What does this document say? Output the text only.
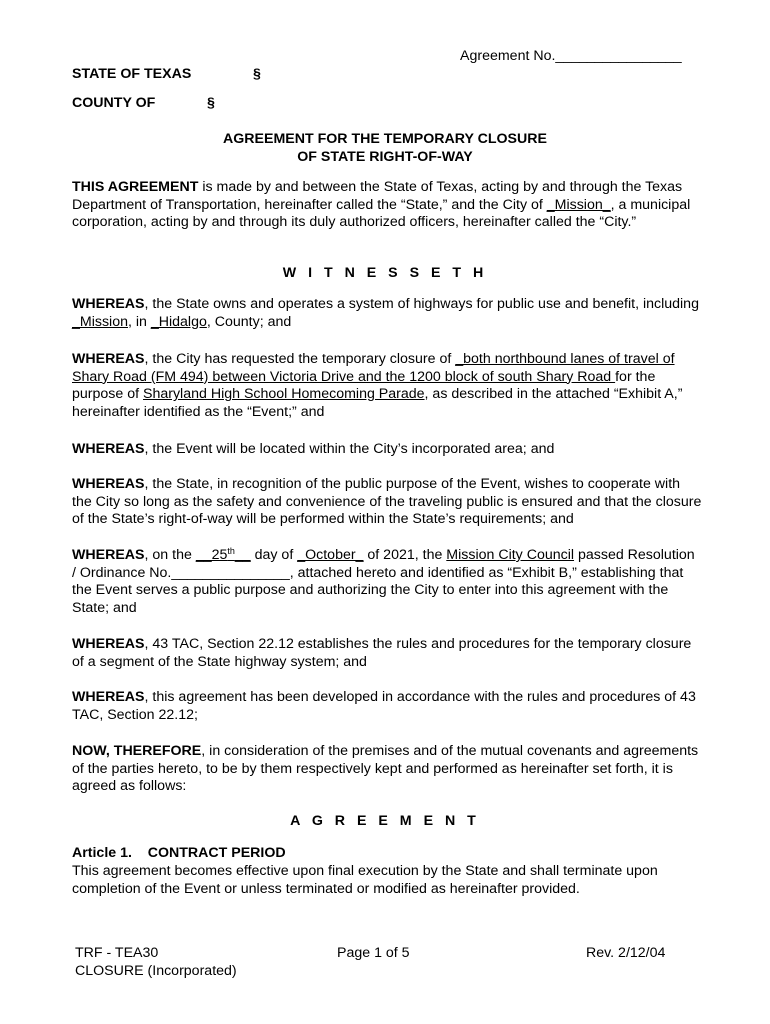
Agreement No.________________
STATE OF TEXAS	§
COUNTY OF	§
AGREEMENT FOR THE TEMPORARY CLOSURE
OF STATE RIGHT-OF-WAY

THIS AGREEMENT is made by and between the State of Texas, acting by and through the Texas Department of Transportation, hereinafter called the “State,” and the City of _Mission_, a municipal corporation, acting by and through its duly authorized officers, hereinafter called the “City.”

W I T N E S S E T H

WHEREAS, the State owns and operates a system of highways for public use and benefit, including _Mission, in _Hidalgo, County; and

WHEREAS, the City has requested the temporary closure of _both northbound lanes of travel of Shary Road (FM 494) between Victoria Drive and the 1200 block of south Shary Road for the purpose of Sharyland High School Homecoming Parade, as described in the attached “Exhibit A,” hereinafter identified as the “Event;” and

WHEREAS, the Event will be located within the City’s incorporated area; and

WHEREAS, the State, in recognition of the public purpose of the Event, wishes to cooperate with the City so long as the safety and convenience of the traveling public is ensured and that the closure of the State’s right-of-way will be performed within the State’s requirements; and

WHEREAS, on the __25th__ day of _October_ of 2021, the Mission City Council passed Resolution / Ordinance No._______________, attached hereto and identified as “Exhibit B,” establishing that the Event serves a public purpose and authorizing the City to enter into this agreement with the State; and

WHEREAS, 43 TAC, Section 22.12 establishes the rules and procedures for the temporary closure of a segment of the State highway system; and

WHEREAS, this agreement has been developed in accordance with the rules and procedures of 43 TAC, Section 22.12;

NOW, THEREFORE, in consideration of the premises and of the mutual covenants and agreements of the parties hereto, to be by them respectively kept and performed as hereinafter set forth, it is agreed as follows:

A G R E E M E N T
Article 1.    CONTRACT PERIOD

This agreement becomes effective upon final execution by the State and shall terminate upon completion of the Event or unless terminated or modified as hereinafter provided.

TRF - TEA30
CLOSURE (Incorporated)
Page 1 of 5	Rev. 2/12/04
